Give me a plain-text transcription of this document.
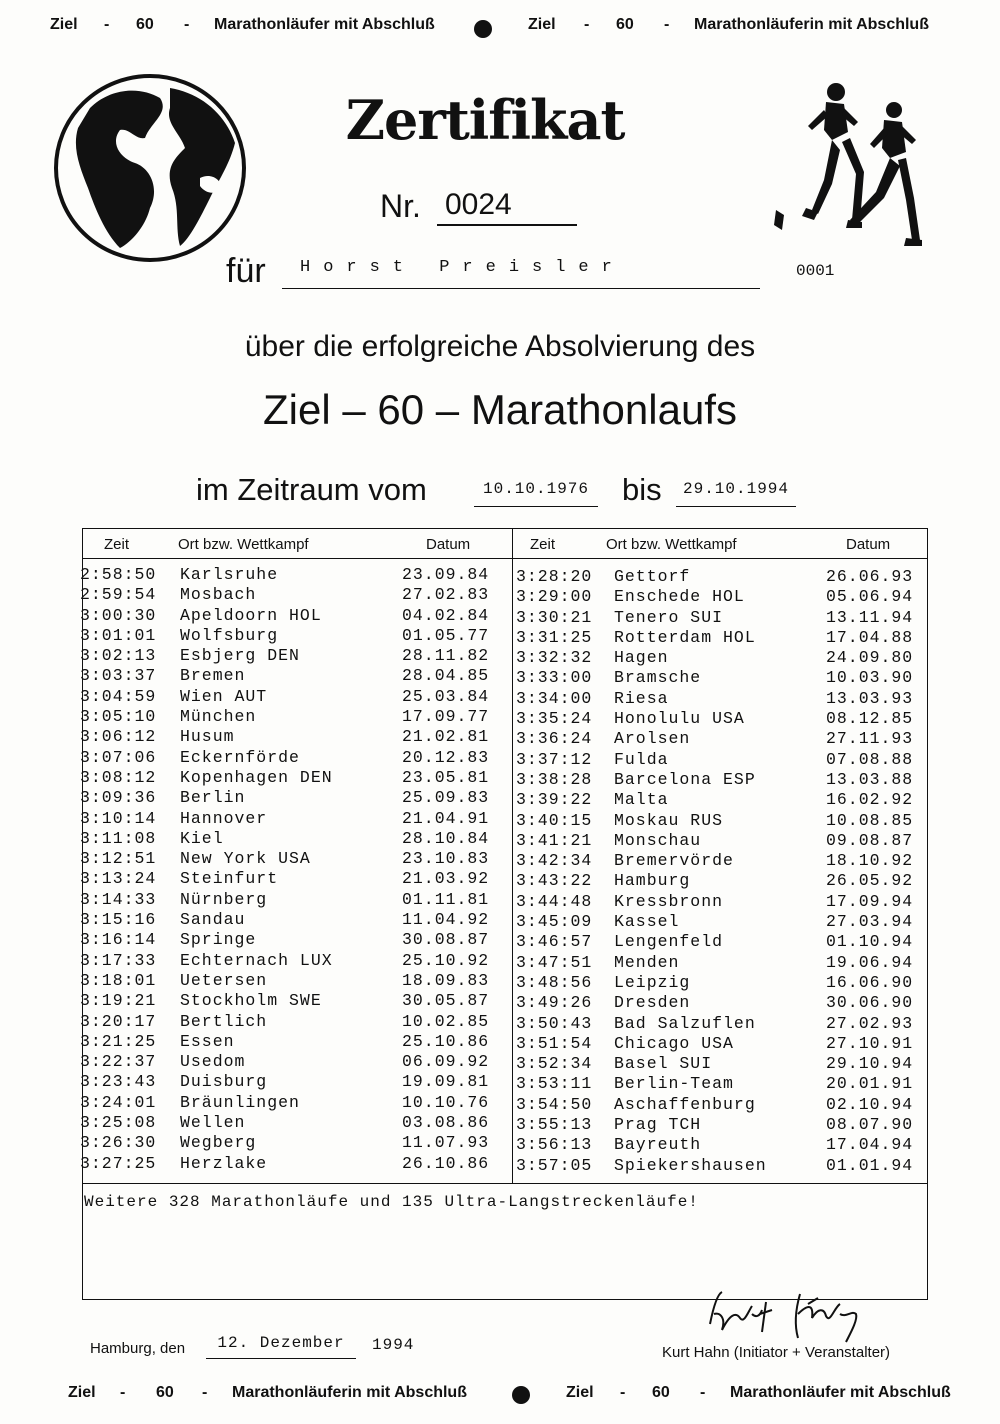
Ziel - 60 - Marathonläufer mit Abschluß	Ziel - 60 - Marathonläuferin mit Abschluß
Zertifikat
Nr. 0024
für Horst Preisler	0001
über die erfolgreiche Absolvierung des
Ziel – 60 – Marathonlaufs
im Zeitraum vom	10.10.1976 bis	29.10.1994
Zeit	Ort bzw. Wettkampf	Datum	Zeit	Ort bzw. Wettkampf	Datum
2:58:50 Karlsruhe	23.09.84
2:59:54 Mosbach	27.02.83
3:00:30 Apeldoorn HOL	04.02.84
3:01:01 Wolfsburg	01.05.77
3:02:13 Esbjerg DEN	28.11.82
3:03:37 Bremen	28.04.85
3:04:59 Wien AUT	25.03.84
3:05:10 München	17.09.77
3:06:12 Husum	21.02.81
3:07:06 Eckernförde	20.12.83
3:08:12 Kopenhagen DEN	23.05.81
3:09:36 Berlin	25.09.83
3:10:14 Hannover	21.04.91
3:11:08 Kiel	28.10.84
3:12:51 New York USA	23.10.83
3:13:24 Steinfurt	21.03.92
3:14:33 Nürnberg	01.11.81
3:15:16 Sandau	11.04.92
3:16:14 Springe	30.08.87
3:17:33 Echternach LUX	25.10.92
3:18:01 Uetersen	18.09.83
3:19:21 Stockholm SWE	30.05.87
3:20:17 Bertlich	10.02.85
3:21:25 Essen	25.10.86
3:22:37 Usedom	06.09.92
3:23:43 Duisburg	19.09.81
3:24:01 Bräunlingen	10.10.76
3:25:08 Wellen	03.08.86
3:26:30 Wegberg	11.07.93
3:27:25 Herzlake	26.10.86
3:28:20 Gettorf	26.06.93
3:29:00 Enschede HOL	05.06.94
3:30:21 Tenero SUI	13.11.94
3:31:25 Rotterdam HOL	17.04.88
3:32:32 Hagen	24.09.80
3:33:00 Bramsche	10.03.90
3:34:00 Riesa	13.03.93
3:35:24 Honolulu USA	08.12.85
3:36:24 Arolsen	27.11.93
3:37:12 Fulda	07.08.88
3:38:28 Barcelona ESP	13.03.88
3:39:22 Malta	16.02.92
3:40:15 Moskau RUS	10.08.85
3:41:21 Monschau	09.08.87
3:42:34 Bremervörde	18.10.92
3:43:22 Hamburg	26.05.92
3:44:48 Kressbronn	17.09.94
3:45:09 Kassel	27.03.94
3:46:57 Lengenfeld	01.10.94
3:47:51 Menden	19.06.94
3:48:56 Leipzig	16.06.90
3:49:26 Dresden	30.06.90
3:50:43 Bad Salzuflen	27.02.93
3:51:54 Chicago USA	27.10.91
3:52:34 Basel SUI	29.10.94
3:53:11 Berlin-Team	20.01.91
3:54:50 Aschaffenburg	02.10.94
3:55:13 Prag TCH	08.07.90
3:56:13 Bayreuth	17.04.94
3:57:05 Spiekershausen	01.01.94
Weitere 328 Marathonläufe und 135 Ultra-Langstreckenläufe!
Hamburg, den	12. Dezember	1994	Kurt Hahn (Initiator + Veranstalter)
Ziel - 60 - Marathonläuferin mit Abschluß	Ziel - 60 - Marathonläufer mit Abschluß
